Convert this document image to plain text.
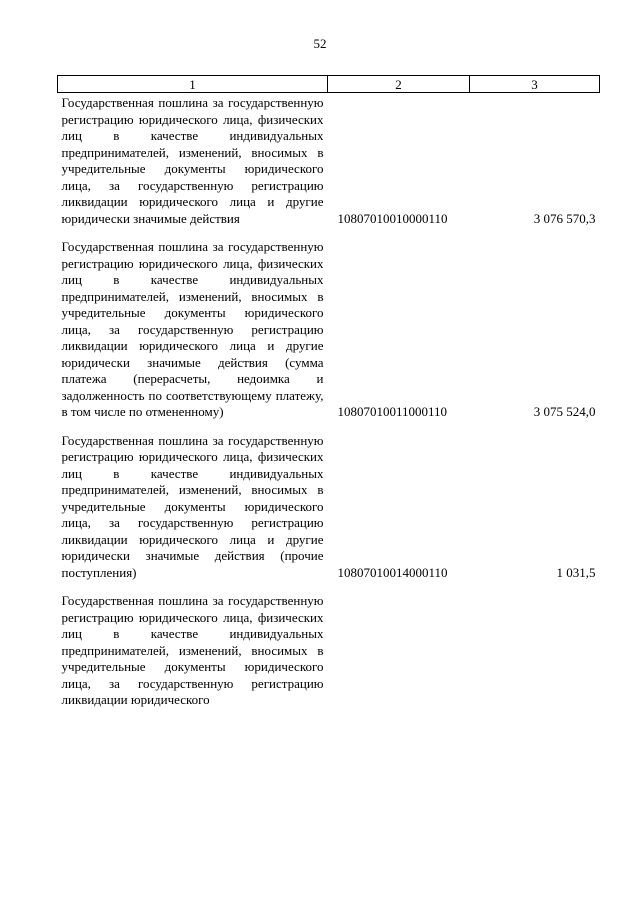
52
1	2	3
Государственная пошлина за государственную регистрацию юридического лица, физических лиц в качестве индивидуальных предпринимателей, изменений, вносимых в учредительные документы юридического лица, за государственную регистрацию ликвидации юридического лица и другие юридически значимые действия	10807010010000110	3 076 570,3

Государственная пошлина за государственную регистрацию юридического лица, физических лиц в качестве индивидуальных предпринимателей, изменений, вносимых в учредительные документы юридического лица, за государственную регистрацию ликвидации юридического лица и другие юридически значимые действия (сумма платежа (перерасчеты, недоимка и задолженность по соответствующему платежу, в том числе по отмененному)	10807010011000110	3 075 524,0

Государственная пошлина за государственную регистрацию юридического лица, физических лиц в качестве индивидуальных предпринимателей, изменений, вносимых в учредительные документы юридического лица, за государственную регистрацию ликвидации юридического лица и другие юридически значимые действия (прочие поступления)	10807010014000110	1 031,5

Государственная пошлина за государственную регистрацию юридического лица, физических лиц в качестве индивидуальных предпринимателей, изменений, вносимых в учредительные документы юридического лица, за государственную регистрацию ликвидации юридического		
